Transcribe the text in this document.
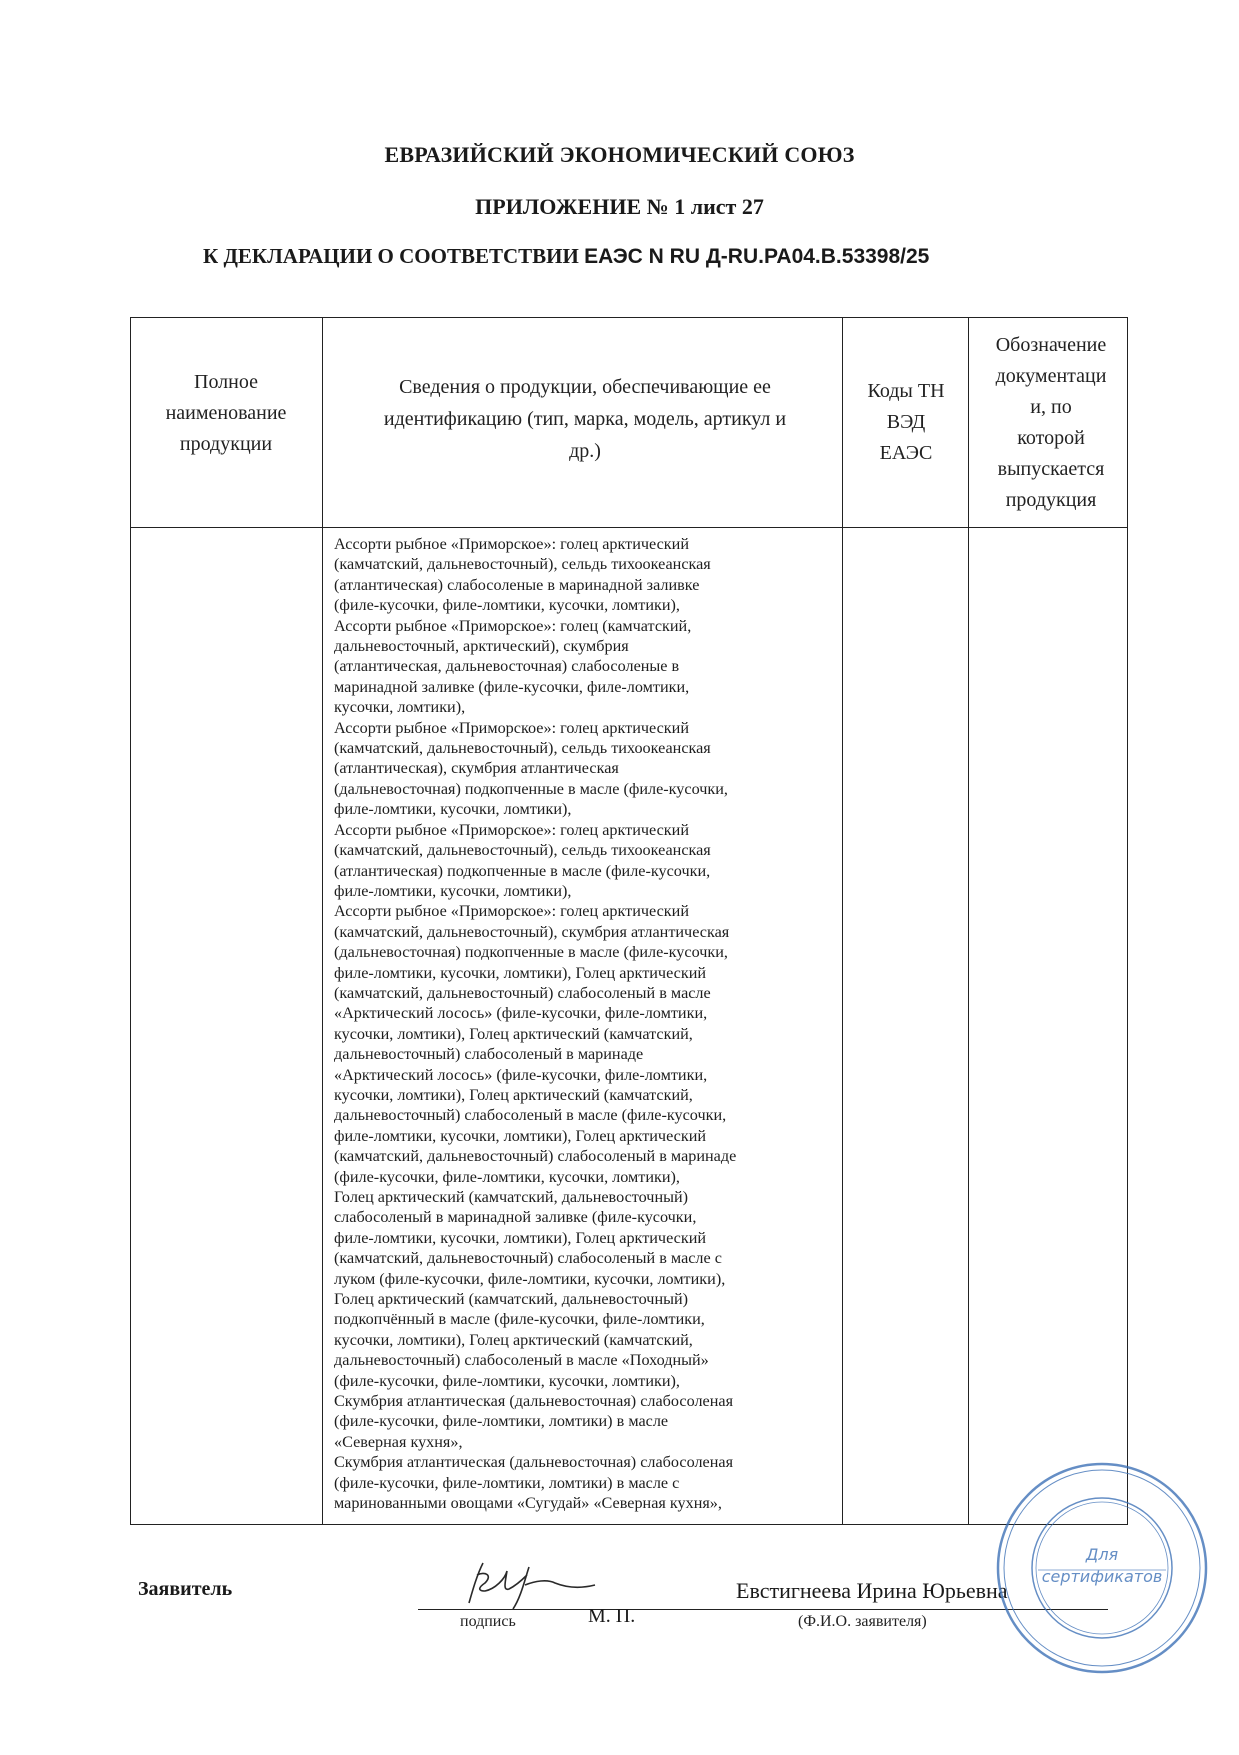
ЕВРАЗИЙСКИЙ ЭКОНОМИЧЕСКИЙ СОЮЗ
ПРИЛОЖЕНИЕ № 1 лист 27
К ДЕКЛАРАЦИИ О СООТВЕТСТВИИ ЕАЭС N RU Д-RU.PA04.B.53398/25
Полное
наименование
продукции
Сведения о продукции, обеспечивающие ее
идентификацию (тип, марка, модель, артикул и
др.)
Коды ТН
ВЭД
ЕАЭС
Обозначение
документаци
и, по
которой
выпускается
продукция
Ассорти рыбное «Приморское»: голец арктический
(камчатский, дальневосточный), сельдь тихоокеанская
(атлантическая) слабосоленые в маринадной заливке
(филе-кусочки, филе-ломтики, кусочки, ломтики),
Ассорти рыбное «Приморское»: голец (камчатский,
дальневосточный, арктический), скумбрия
(атлантическая, дальневосточная) слабосоленые в
маринадной заливке (филе-кусочки, филе-ломтики,
кусочки, ломтики),
Ассорти рыбное «Приморское»: голец арктический
(камчатский, дальневосточный), сельдь тихоокеанская
(атлантическая), скумбрия атлантическая
(дальневосточная) подкопченные в масле (филе-кусочки,
филе-ломтики, кусочки, ломтики),
Ассорти рыбное «Приморское»: голец арктический
(камчатский, дальневосточный), сельдь тихоокеанская
(атлантическая) подкопченные в масле (филе-кусочки,
филе-ломтики, кусочки, ломтики),
Ассорти рыбное «Приморское»: голец арктический
(камчатский, дальневосточный), скумбрия атлантическая
(дальневосточная) подкопченные в масле (филе-кусочки,
филе-ломтики, кусочки, ломтики), Голец арктический
(камчатский, дальневосточный) слабосоленый в масле
«Арктический лосось» (филе-кусочки, филе-ломтики,
кусочки, ломтики), Голец арктический (камчатский,
дальневосточный) слабосоленый в маринаде
«Арктический лосось» (филе-кусочки, филе-ломтики,
кусочки, ломтики), Голец арктический (камчатский,
дальневосточный) слабосоленый в масле (филе-кусочки,
филе-ломтики, кусочки, ломтики), Голец арктический
(камчатский, дальневосточный) слабосоленый в маринаде
(филе-кусочки, филе-ломтики, кусочки, ломтики),
Голец арктический (камчатский, дальневосточный)
слабосоленый в маринадной заливке (филе-кусочки,
филе-ломтики, кусочки, ломтики), Голец арктический
(камчатский, дальневосточный) слабосоленый в масле с
луком (филе-кусочки, филе-ломтики, кусочки, ломтики),
Голец арктический (камчатский, дальневосточный)
подкопчённый в масле (филе-кусочки, филе-ломтики,
кусочки, ломтики), Голец арктический (камчатский,
дальневосточный) слабосоленый в масле «Походный»
(филе-кусочки, филе-ломтики, кусочки, ломтики),
Скумбрия атлантическая (дальневосточная) слабосоленая
(филе-кусочки, филе-ломтики, ломтики) в масле
«Северная кухня»,
Скумбрия атлантическая (дальневосточная) слабосоленая
(филе-кусочки, филе-ломтики, ломтики) в масле с
маринованными овощами «Сугудай» «Северная кухня»,
Заявитель
подпись	М. П.
Евстигнеева Ирина Юрьевна
(Ф.И.О. заявителя)
Для
сертификатов
